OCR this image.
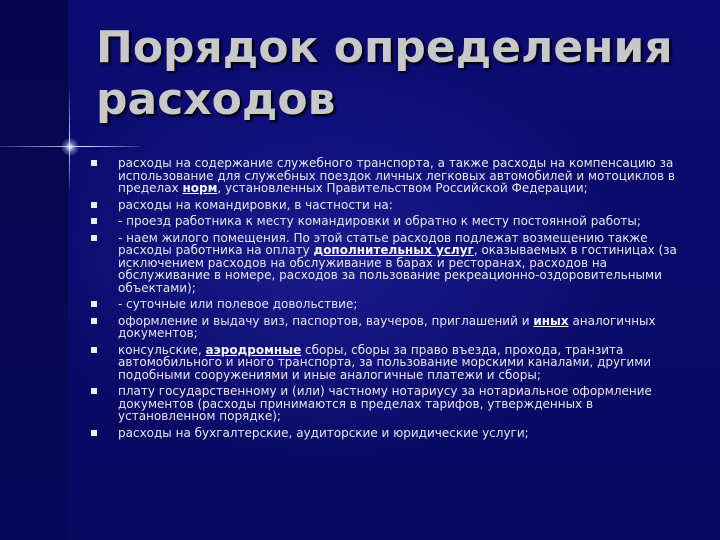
Порядок определения
расходов
расходы на содержание служебного транспорта, а также расходы на компенсацию за использование для служебных поездок личных легковых автомобилей и мотоциклов в пределах норм, установленных Правительством Российской Федерации;
расходы на командировки, в частности на:
- проезд работника к месту командировки и обратно к месту постоянной работы;
- наем жилого помещения. По этой статье расходов подлежат возмещению также расходы работника на оплату дополнительных услуг, оказываемых в гостиницах (за исключением расходов на обслуживание в барах и ресторанах, расходов на обслуживание в номере, расходов за пользование рекреационно-оздоровительными объектами);
- суточные или полевое довольствие;
оформление и выдачу виз, паспортов, ваучеров, приглашений и иных аналогичных документов;
консульские, аэродромные сборы, сборы за право въезда, прохода, транзита автомобильного и иного транспорта, за пользование морскими каналами, другими подобными сооружениями и иные аналогичные платежи и сборы;
плату государственному и (или) частному нотариусу за нотариальное оформление документов (расходы принимаются в пределах тарифов, утвержденных в установленном порядке);
расходы на бухгалтерские, аудиторские и юридические услуги;
